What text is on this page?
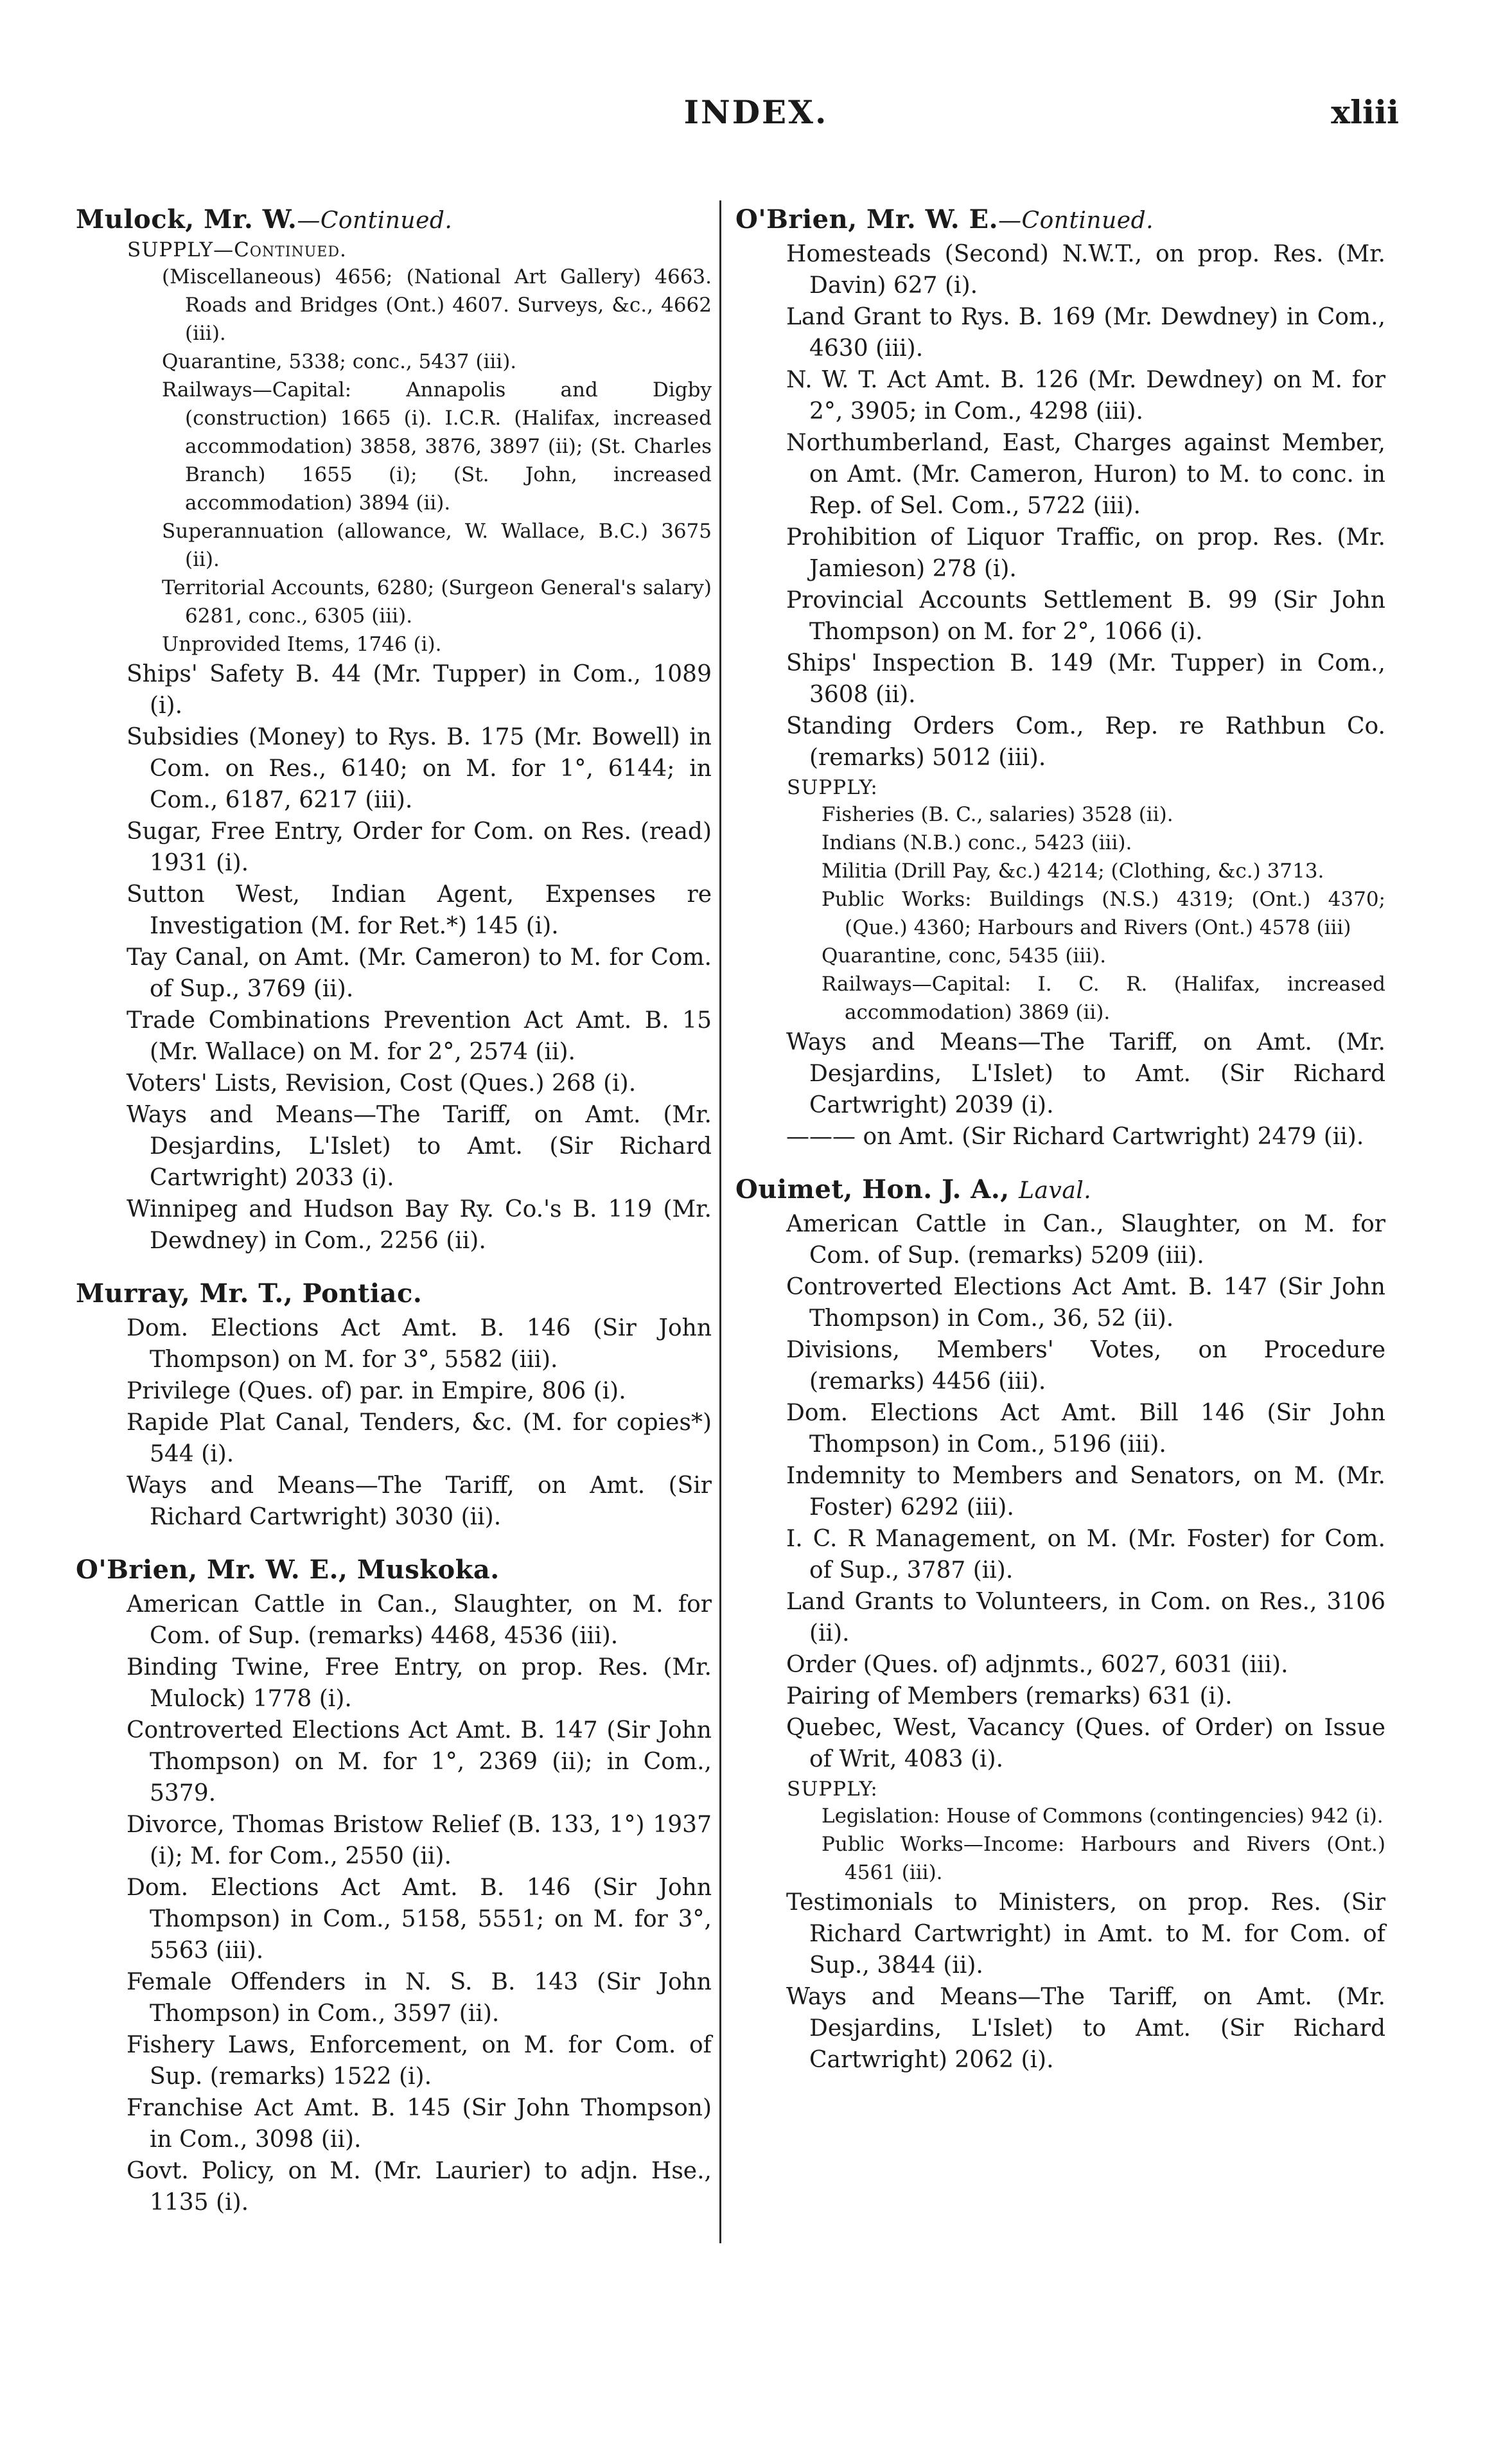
INDEX.	xliii
Mulock, Mr. W.—Continued.
SUPPLY—Continued.

(Miscellaneous) 4656; (National Art Gallery) 4663. Roads and Bridges (Ont.) 4607. Surveys, &c., 4662 (iii).

Quarantine, 5338; conc., 5437 (iii).

Railways—Capital: Annapolis and Digby (construction) 1665 (i). I.C.R. (Halifax, increased accommodation) 3858, 3876, 3897 (ii); (St. Charles Branch) 1655 (i); (St. John, increased accommodation) 3894 (ii).

Superannuation (allowance, W. Wallace, B.C.) 3675 (ii).

Territorial Accounts, 6280; (Surgeon General's salary) 6281, conc., 6305 (iii).

Unprovided Items, 1746 (i).

Ships' Safety B. 44 (Mr. Tupper) in Com., 1089 (i).

Subsidies (Money) to Rys. B. 175 (Mr. Bowell) in Com. on Res., 6140; on M. for 1°, 6144; in Com., 6187, 6217 (iii).

Sugar, Free Entry, Order for Com. on Res. (read) 1931 (i).

Sutton West, Indian Agent, Expenses re Investigation (M. for Ret.*) 145 (i).

Tay Canal, on Amt. (Mr. Cameron) to M. for Com. of Sup., 3769 (ii).

Trade Combinations Prevention Act Amt. B. 15 (Mr. Wallace) on M. for 2°, 2574 (ii).

Voters' Lists, Revision, Cost (Ques.) 268 (i).

Ways and Means—The Tariff, on Amt. (Mr. Desjardins, L'Islet) to Amt. (Sir Richard Cartwright) 2033 (i).

Winnipeg and Hudson Bay Ry. Co.'s B. 119 (Mr. Dewdney) in Com., 2256 (ii).

Murray, Mr. T., Pontiac.

Dom. Elections Act Amt. B. 146 (Sir John Thompson) on M. for 3°, 5582 (iii).

Privilege (Ques. of) par. in Empire, 806 (i).

Rapide Plat Canal, Tenders, &c. (M. for copies*) 544 (i).

Ways and Means—The Tariff, on Amt. (Sir Richard Cartwright) 3030 (ii).

O'Brien, Mr. W. E., Muskoka.

American Cattle in Can., Slaughter, on M. for Com. of Sup. (remarks) 4468, 4536 (iii).

Binding Twine, Free Entry, on prop. Res. (Mr. Mulock) 1778 (i).

Controverted Elections Act Amt. B. 147 (Sir John Thompson) on M. for 1°, 2369 (ii); in Com., 5379.

Divorce, Thomas Bristow Relief (B. 133, 1°) 1937 (i); M. for Com., 2550 (ii).

Dom. Elections Act Amt. B. 146 (Sir John Thompson) in Com., 5158, 5551; on M. for 3°, 5563 (iii).

Female Offenders in N. S. B. 143 (Sir John Thompson) in Com., 3597 (ii).

Fishery Laws, Enforcement, on M. for Com. of Sup. (remarks) 1522 (i).

Franchise Act Amt. B. 145 (Sir John Thompson) in Com., 3098 (ii).

Govt. Policy, on M. (Mr. Laurier) to adjn. Hse., 1135 (i).

O'Brien, Mr. W. E.—Continued.

Homesteads (Second) N.W.T., on prop. Res. (Mr. Davin) 627 (i).

Land Grant to Rys. B. 169 (Mr. Dewdney) in Com., 4630 (iii).

N. W. T. Act Amt. B. 126 (Mr. Dewdney) on M. for 2°, 3905; in Com., 4298 (iii).

Northumberland, East, Charges against Member, on Amt. (Mr. Cameron, Huron) to M. to conc. in Rep. of Sel. Com., 5722 (iii).

Prohibition of Liquor Traffic, on prop. Res. (Mr. Jamieson) 278 (i).

Provincial Accounts Settlement B. 99 (Sir John Thompson) on M. for 2°, 1066 (i).

Ships' Inspection B. 149 (Mr. Tupper) in Com., 3608 (ii).

Standing Orders Com., Rep. re Rathbun Co. (remarks) 5012 (iii).

SUPPLY:

Fisheries (B. C., salaries) 3528 (ii).

Indians (N.B.) conc., 5423 (iii).

Militia (Drill Pay, &c.) 4214; (Clothing, &c.) 3713.

Public Works: Buildings (N.S.) 4319; (Ont.) 4370; (Que.) 4360; Harbours and Rivers (Ont.) 4578 (iii)

Quarantine, conc, 5435 (iii).

Railways—Capital: I. C. R. (Halifax, increased accommodation) 3869 (ii).

Ways and Means—The Tariff, on Amt. (Mr. Desjardins, L'Islet) to Amt. (Sir Richard Cartwright) 2039 (i).

——— on Amt. (Sir Richard Cartwright) 2479 (ii).

Ouimet, Hon. J. A., Laval.

American Cattle in Can., Slaughter, on M. for Com. of Sup. (remarks) 5209 (iii).

Controverted Elections Act Amt. B. 147 (Sir John Thompson) in Com., 36, 52 (ii).

Divisions, Members' Votes, on Procedure (remarks) 4456 (iii).

Dom. Elections Act Amt. Bill 146 (Sir John Thompson) in Com., 5196 (iii).

Indemnity to Members and Senators, on M. (Mr. Foster) 6292 (iii).

I. C. R Management, on M. (Mr. Foster) for Com. of Sup., 3787 (ii).

Land Grants to Volunteers, in Com. on Res., 3106 (ii).

Order (Ques. of) adjnmts., 6027, 6031 (iii).

Pairing of Members (remarks) 631 (i).

Quebec, West, Vacancy (Ques. of Order) on Issue of Writ, 4083 (i).

SUPPLY:

Legislation: House of Commons (contingencies) 942 (i).

Public Works—Income: Harbours and Rivers (Ont.) 4561 (iii).

Testimonials to Ministers, on prop. Res. (Sir Richard Cartwright) in Amt. to M. for Com. of Sup., 3844 (ii).

Ways and Means—The Tariff, on Amt. (Mr. Desjardins, L'Islet) to Amt. (Sir Richard Cartwright) 2062 (i).
